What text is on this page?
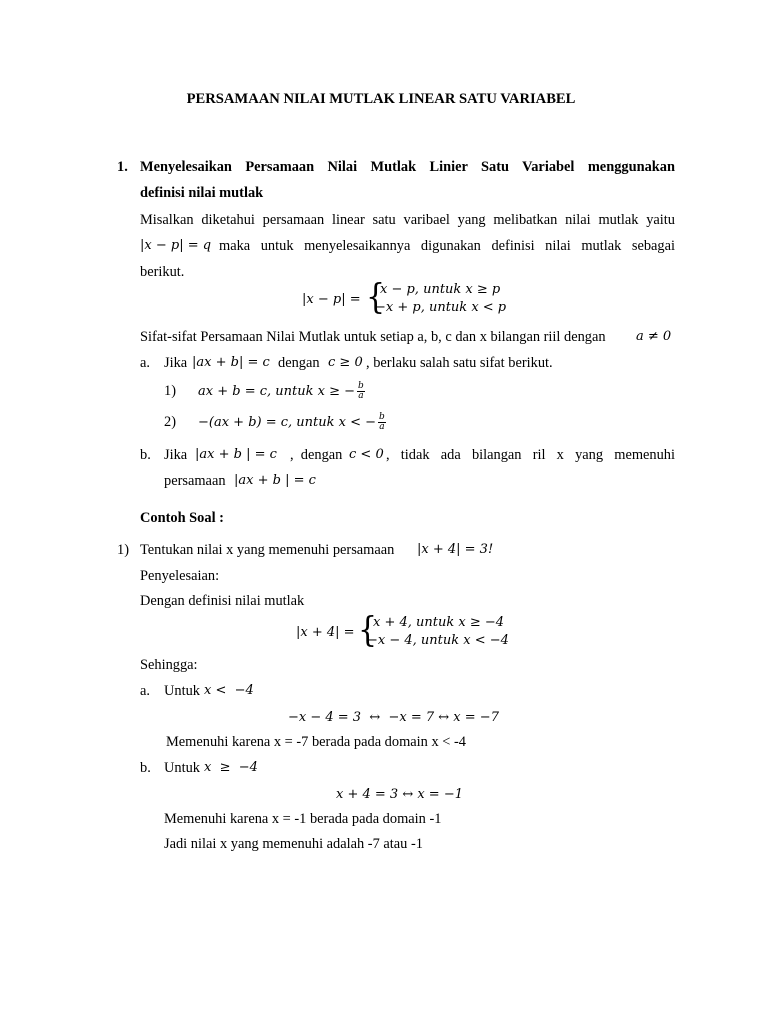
PERSAMAAN NILAI MUTLAK LINEAR SATU VARIABEL
1. Menyelesaikan Persamaan Nilai Mutlak Linier Satu Variabel menggunakan
definisi nilai mutlak
Misalkan diketahui persamaan linear satu varibael yang melibatkan nilai mutlak yaitu
|x − p| = q maka untuk menyelesaikannya digunakan definisi nilai mutlak sebagai
berikut.
|x − p| = {
x − p, untuk x ≥ p
−x + p, untuk x < p
Sifat-sifat Persamaan Nilai Mutlak untuk setiap a, b, c dan x bilangan riil dengan a ≠ 0
a. Jika |ax + b| = c dengan c ≥ 0 , berlaku salah satu sifat berikut.
1) ax + b = c, untuk x ≥ − $\frac{b}{a}$
2) −(ax + b) = c, untuk x < − $\frac{b}{a}$
b. Jika |ax + b | = c ,  dengan c < 0 ,  tidak  ada  bilangan  ril  x  yang  memenuhi
persamaan |ax + b | = c
Contoh Soal :
1) Tentukan nilai x yang memenuhi persamaan |x + 4| = 3!
Penyelesaian:
Dengan definisi nilai mutlak
|x + 4| = {
x + 4, untuk x ≥ −4
−x − 4, untuk x < −4
Sehingga:
a. Untuk x <  −4
−x − 4 = 3  ↔  −x = 7 ↔ x = −7
Memenuhi karena x = -7 berada pada domain x < -4
b. Untuk x  ≥  −4
x + 4 = 3 ↔ x = −1
Memenuhi karena x = -1 berada pada domain -1
Jadi nilai x yang memenuhi adalah -7 atau -1
